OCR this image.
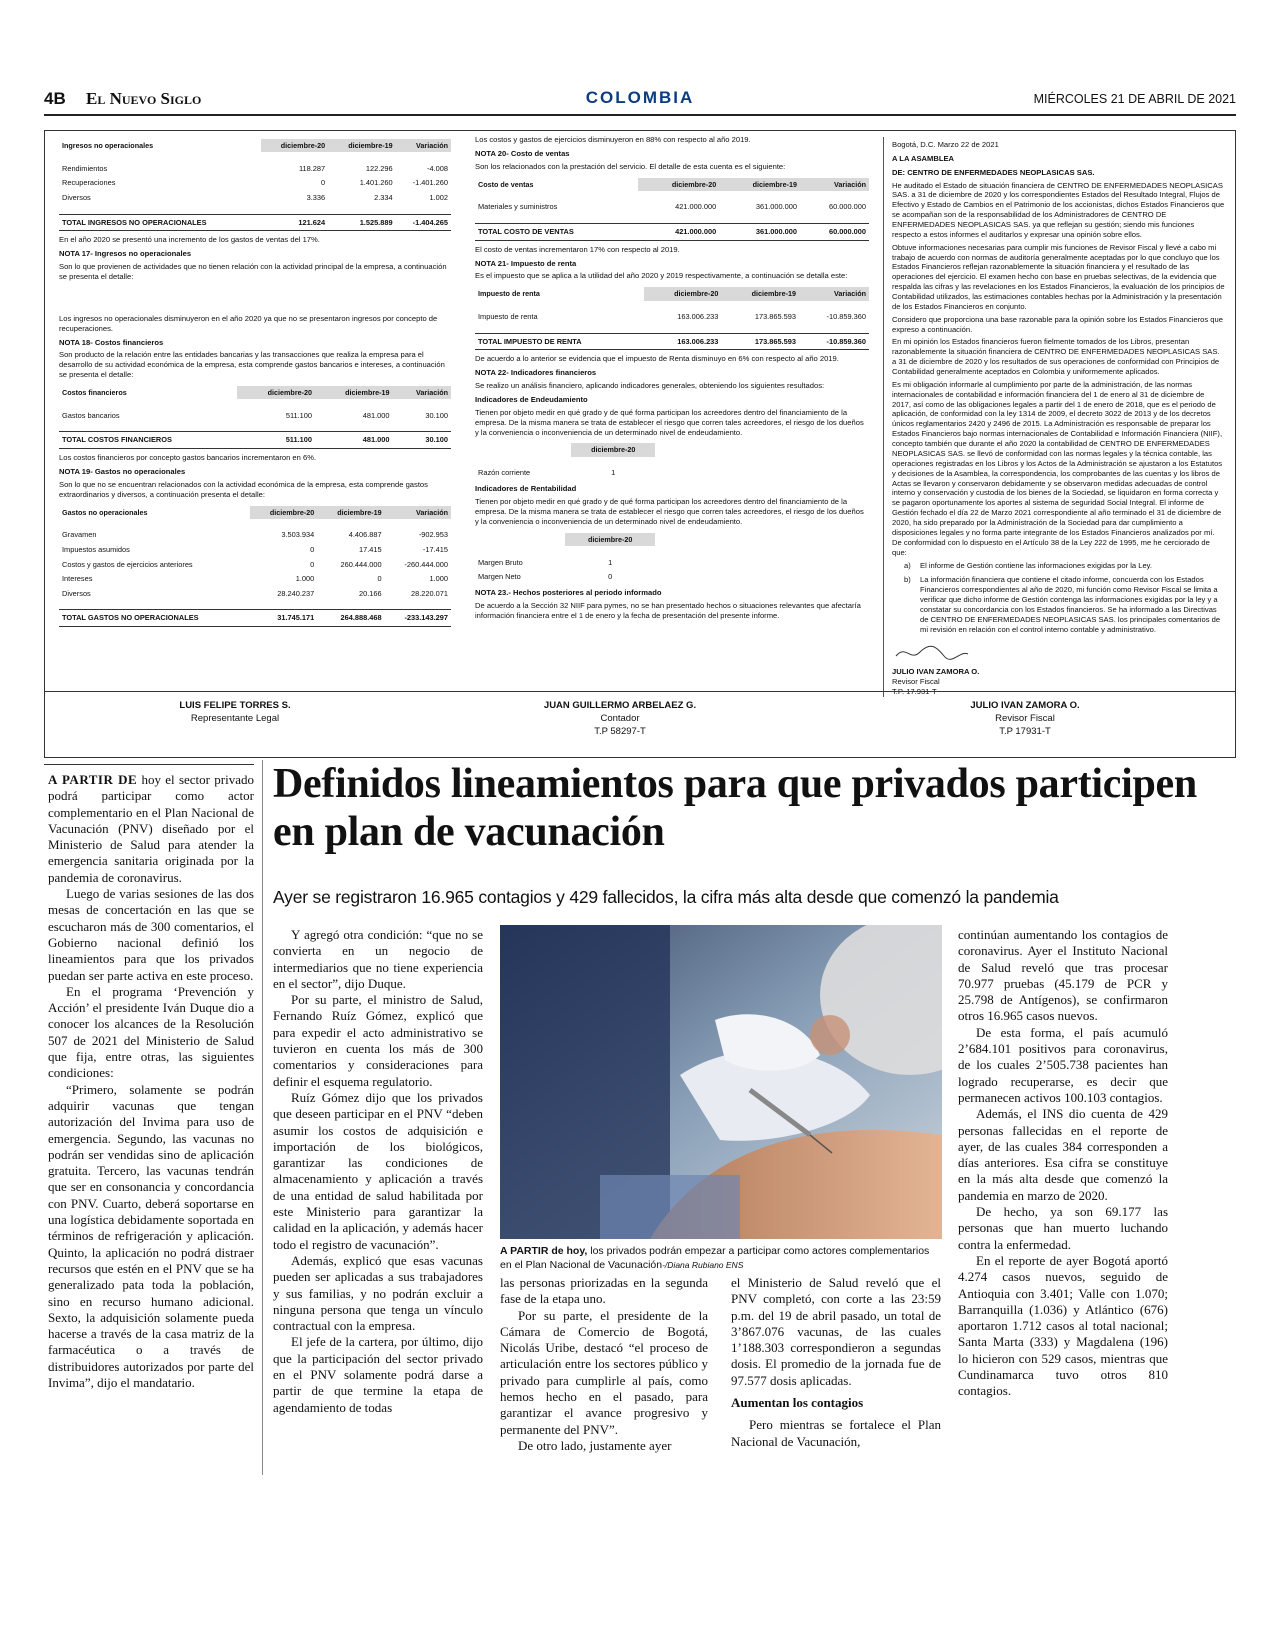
4B El Nuevo Siglo	COLOMBIA	MIÉRCOLES 21 DE ABRIL DE 2021
Ingresos no operacionales	diciembre-20	diciembre-19	Variación

Rendimientos	118.287	122.296	-4.008
Recuperaciones	0	1.401.260	-1.401.260
Diversos	3.336	2.334	1.002

TOTAL INGRESOS NO OPERACIONALES	121.624	1.525.889	-1.404.265

En el año 2020 se presentó una incremento de los gastos de ventas del 17%.

NOTA 17- Ingresos no operacionales

Son lo que provienen de actividades que no tienen relación con la actividad principal de la empresa, a continuación se presenta el detalle:

Los ingresos no operacionales disminuyeron en el año 2020 ya que no se presentaron ingresos por concepto de recuperaciones.

NOTA 18- Costos financieros

Son producto de la relación entre las entidades bancarias y las transacciones que realiza la empresa para el desarrollo de su actividad económica de la empresa, esta comprende gastos bancarios e intereses, a continuación se presenta el detalle:

Costos financieros	diciembre-20	diciembre-19	Variación

Gastos bancarios	511.100	481.000	30.100

TOTAL COSTOS FINANCIEROS	511.100	481.000	30.100

Los costos financieros por concepto gastos bancarios incrementaron en 6%.

NOTA 19- Gastos no operacionales

Son lo que no se encuentran relacionados con la actividad económica de la empresa, esta comprende gastos extraordinarios y diversos, a continuación presenta el detalle:

Gastos no operacionales	diciembre-20	diciembre-19	Variación

Gravamen	3.503.934	4.406.887	-902.953
Impuestos asumidos	0	17.415	-17.415
Costos y gastos de ejercicios anteriores	0	260.444.000	-260.444.000
Intereses	1.000	0	1.000
Diversos	28.240.237	20.166	28.220.071

TOTAL GASTOS NO OPERACIONALES	31.745.171	264.888.468	-233.143.297

Los costos y gastos de ejercicios disminuyeron en 88% con respecto al año 2019.

NOTA 20- Costo de ventas

Son los relacionados con la prestación del servicio. El detalle de esta cuenta es el siguiente:

Costo de ventas	diciembre-20	diciembre-19	Variación

Materiales y suministros	421.000.000	361.000.000	60.000.000

TOTAL COSTO DE VENTAS	421.000.000	361.000.000	60.000.000

El costo de ventas incrementaron 17% con respecto al 2019.

NOTA 21- Impuesto de renta

Es el impuesto que se aplica a la utilidad del año 2020 y 2019 respectivamente, a continuación se detalla este:

Impuesto de renta	diciembre-20	diciembre-19	Variación

Impuesto de renta	163.006.233	173.865.593	-10.859.360

TOTAL IMPUESTO DE RENTA	163.006.233	173.865.593	-10.859.360

De acuerdo a lo anterior se evidencia que el impuesto de Renta disminuyo en 6% con respecto al año 2019.

NOTA 22- Indicadores financieros

Se realizo un análisis financiero, aplicando indicadores generales, obteniendo los siguientes resultados:

Indicadores de Endeudamiento

Tienen por objeto medir en qué grado y de qué forma participan los acreedores dentro del financiamiento de la empresa. De la misma manera se trata de establecer el riesgo que corren tales acreedores, el riesgo de los dueños y la conveniencia o inconveniencia de un determinado nivel de endeudamiento.

	diciembre-20

Razón corriente	1

Indicadores de Rentabilidad

Tienen por objeto medir en qué grado y de qué forma participan los acreedores dentro del financiamiento de la empresa. De la misma manera se trata de establecer el riesgo que corren tales acreedores, el riesgo de los dueños y la conveniencia o inconveniencia de un determinado nivel de endeudamiento.

	diciembre-20

Margen Bruto	1
Margen Neto	0

NOTA 23.- Hechos posteriores al periodo informado

De acuerdo a la Sección 32 NIIF para pymes, no se han presentado hechos o situaciones relevantes que afectaría información financiera entre el 1 de enero y la fecha de presentación del presente informe.

Bogotá, D.C. Marzo 22 de 2021

A LA ASAMBLEA

DE: CENTRO DE ENFERMEDADES NEOPLASICAS SAS.

He auditado el Estado de situación financiera de CENTRO DE ENFERMEDADES NEOPLASICAS SAS. a 31 de diciembre de 2020 y los correspondientes Estados del Resultado Integral, Flujos de Efectivo y Estado de Cambios en el Patrimonio de los accionistas, dichos Estados Financieros que se acompañan son de la responsabilidad de los Administradores de CENTRO DE ENFERMEDADES NEOPLASICAS SAS. ya que reflejan su gestión; siendo mis funciones respecto a estos informes el auditarlos y expresar una opinión sobre ellos.

Obtuve informaciones necesarias para cumplir mis funciones de Revisor Fiscal y llevé a cabo mi trabajo de acuerdo con normas de auditoría generalmente aceptadas por lo que concluyo que los Estados Financieros reflejan razonablemente la situación financiera y el resultado de las operaciones del ejercicio. El examen hecho con base en pruebas selectivas, de la evidencia que respalda las cifras y las revelaciones en los Estados Financieros, la evaluación de los principios de Contabilidad utilizados, las estimaciones contables hechas por la Administración y la presentación de los Estados Financieros en conjunto.

Considero que proporciona una base razonable para la opinión sobre los Estados Financieros que expreso a continuación.

En mi opinión los Estados financieros fueron fielmente tomados de los Libros, presentan razonablemente la situación financiera de CENTRO DE ENFERMEDADES NEOPLASICAS SAS. a 31 de diciembre de 2020 y los resultados de sus operaciones de conformidad con Principios de Contabilidad generalmente aceptados en Colombia y uniformemente aplicados.

Es mi obligación informarle al cumplimiento por parte de la administración, de las normas internacionales de contabilidad e información financiera del 1 de enero al 31 de diciembre de 2017, así como de las obligaciones legales a partir del 1 de enero de 2018, que es el periodo de aplicación, de conformidad con la ley 1314 de 2009, el decreto 3022 de 2013 y de los decretos únicos reglamentarios 2420 y 2496 de 2015. La Administración es responsable de preparar los Estados Financieros bajo normas internacionales de Contabilidad e Información Financiera (NIIF), concepto también que durante el año 2020 la contabilidad de CENTRO DE ENFERMEDADES NEOPLASICAS SAS. se llevó de conformidad con las normas legales y la técnica contable, las operaciones registradas en los Libros y los Actos de la Administración se ajustaron a los Estatutos y decisiones de la Asamblea, la correspondencia, los comprobantes de las cuentas y los libros de Actas se llevaron y conservaron debidamente y se observaron medidas adecuadas de control interno y conservación y custodia de los bienes de la Sociedad, se liquidaron en forma correcta y se pagaron oportunamente los aportes al sistema de seguridad Social Integral. El informe de Gestión fechado el día 22 de Marzo 2021 correspondiente al año terminado el 31 de diciembre de 2020, ha sido preparado por la Administración de la Sociedad para dar cumplimiento a disposiciones legales y no forma parte integrante de los Estados Financieros analizados por mí. De conformidad con lo dispuesto en el Artículo 38 de la Ley 222 de 1995, me he cerciorado de que:

a)	El informe de Gestión contiene las informaciones exigidas por la Ley.
b)	La información financiera que contiene el citado informe, concuerda con los Estados Financieros correspondientes al año de 2020, mi función como Revisor Fiscal se limita a verificar que dicho informe de Gestión contenga las informaciones exigidas por la ley y a constatar su concordancia con los Estados financieros. Se ha informado a las Directivas de CENTRO DE ENFERMEDADES NEOPLASICAS SAS. los principales comentarios de mi revisión en relación con el control interno contable y administrativo.

JULIO IVAN ZAMORA O.

Revisor Fiscal

T.P. 17.931-T

LUIS FELIPE TORRES S.
Representante Legal
JUAN GUILLERMO ARBELAEZ G.
Contador
T.P 58297-T
JULIO IVAN ZAMORA O.
Revisor Fiscal
T.P 17931-T

A PARTIR DE hoy el sector privado podrá participar como actor complementario en el Plan Nacional de Vacunación (PNV) diseñado por el Ministerio de Salud para atender la emergencia sanitaria originada por la pandemia de coronavirus.

Luego de varias sesiones de las dos mesas de concertación en las que se escucharon más de 300 comentarios, el Gobierno nacional definió los lineamientos para que los privados puedan ser parte activa en este proceso.

En el programa ‘Prevención y Acción’ el presidente Iván Duque dio a conocer los alcances de la Resolución 507 de 2021 del Ministerio de Salud que fija, entre otras, las siguientes condiciones:

“Primero, solamente se podrán adquirir vacunas que tengan autorización del Invima para uso de emergencia. Segundo, las vacunas no podrán ser vendidas sino de aplicación gratuita. Tercero, las vacunas tendrán que ser en consonancia y concordancia con PNV. Cuarto, deberá soportarse en una logística debidamente soportada en términos de refrigeración y aplicación. Quinto, la aplicación no podrá distraer recursos que estén en el PNV que se ha generalizado pata toda la población, sino en recurso humano adicional. Sexto, la adquisición solamente pueda hacerse a través de la casa matriz de la farmacéutica o a través de distribuidores autorizados por parte del Invima”, dijo el mandatario.

Definidos lineamientos para que privados participen en plan de vacunación
Ayer se registraron 16.965 contagios y 429 fallecidos, la cifra más alta desde que comenzó la pandemia

Y agregó otra condición: “que no se convierta en un negocio de intermediarios que no tiene experiencia en el sector”, dijo Duque.

Por su parte, el ministro de Salud, Fernando Ruíz Gómez, explicó que para expedir el acto administrativo se tuvieron en cuenta los más de 300 comentarios y consideraciones para definir el esquema regulatorio.

Ruíz Gómez dijo que los privados que deseen participar en el PNV “deben asumir los costos de adquisición e importación de los biológicos, garantizar las condiciones de almacenamiento y aplicación a través de una entidad de salud habilitada por este Ministerio para garantizar la calidad en la aplicación, y además hacer todo el registro de vacunación”.

Además, explicó que esas vacunas pueden ser aplicadas a sus trabajadores y sus familias, y no podrán excluir a ninguna persona que tenga un vínculo contractual con la empresa.

El jefe de la cartera, por último, dijo que la participación del sector privado en el PNV solamente podrá darse a partir de que termine la etapa de agendamiento de todas

A PARTIR de hoy, los privados podrán empezar a participar como actores complementarios en el Plan Nacional de Vacunación-/Diana Rubiano ENS

las personas priorizadas en la segunda fase de la etapa uno.

Por su parte, el presidente de la Cámara de Comercio de Bogotá, Nicolás Uribe, destacó “el proceso de articulación entre los sectores público y privado para cumplirle al país, como hemos hecho en el pasado, para garantizar el avance progresivo y permanente del PNV”.

De otro lado, justamente ayer

el Ministerio de Salud reveló que el PNV completó, con corte a las 23:59 p.m. del 19 de abril pasado, un total de 3’867.076 vacunas, de las cuales 1’188.303 correspondieron a segundas dosis. El promedio de la jornada fue de 97.577 dosis aplicadas.

Aumentan los contagios

Pero mientras se fortalece el Plan Nacional de Vacunación,

continúan aumentando los contagios de coronavirus. Ayer el Instituto Nacional de Salud reveló que tras procesar 70.977 pruebas (45.179 de PCR y 25.798 de Antígenos), se confirmaron otros 16.965 casos nuevos.

De esta forma, el país acumuló 2’684.101 positivos para coronavirus, de los cuales 2’505.738 pacientes han logrado recuperarse, es decir que permanecen activos 100.103 contagios.

Además, el INS dio cuenta de 429 personas fallecidas en el reporte de ayer, de las cuales 384 corresponden a días anteriores. Esa cifra se constituye en la más alta desde que comenzó la pandemia en marzo de 2020.

De hecho, ya son 69.177 las personas que han muerto luchando contra la enfermedad.

En el reporte de ayer Bogotá aportó 4.274 casos nuevos, seguido de Antioquia con 3.401; Valle con 1.070; Barranquilla (1.036) y Atlántico (676) aportaron 1.712 casos al total nacional; Santa Marta (333) y Magdalena (196) lo hicieron con 529 casos, mientras que Cundinamarca tuvo otros 810 contagios.
